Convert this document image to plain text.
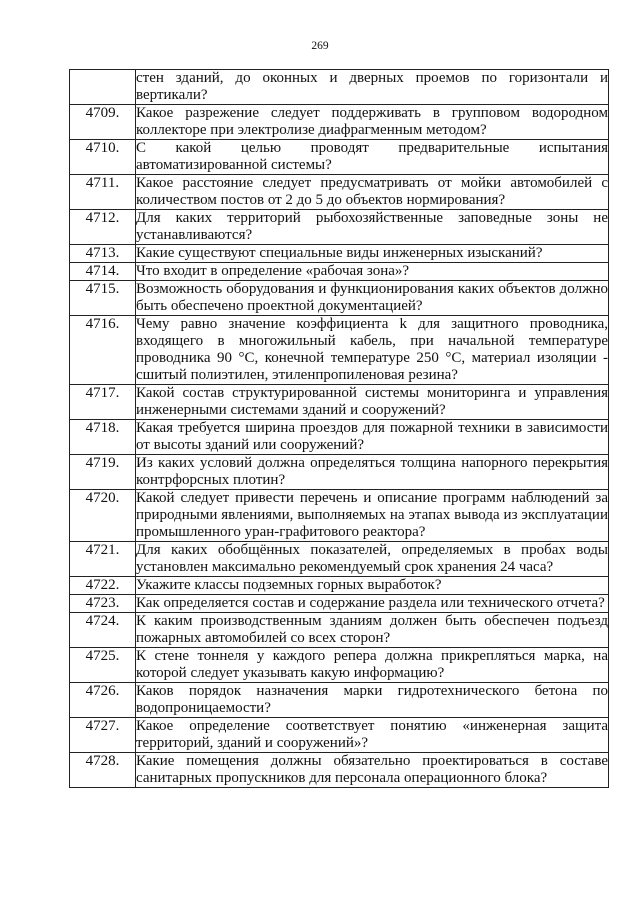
269
	стен зданий, до оконных и дверных проемов по горизонтали и вертикали?
4709.	Какое разрежение следует поддерживать в групповом водородном коллекторе при электролизе диафрагменным методом?
4710.	С какой целью проводят предварительные испытания автоматизированной системы?
4711.	Какое расстояние следует предусматривать от мойки автомобилей с количеством постов от 2 до 5 до объектов нормирования?
4712.	Для каких территорий рыбохозяйственные заповедные зоны не устанавливаются?
4713.	Какие существуют специальные виды инженерных изысканий?
4714.	Что входит в определение «рабочая зона»?
4715.	Возможность оборудования и функционирования каких объектов должно быть обеспечено проектной документацией?
4716.	Чему равно значение коэффициента k для защитного проводника, входящего в многожильный кабель, при начальной температуре проводника 90 °C, конечной температуре 250 °C, материал изоляции - сшитый полиэтилен, этиленпропиленовая резина?
4717.	Какой состав структурированной системы мониторинга и управления инженерными системами зданий и сооружений?
4718.	Какая требуется ширина проездов для пожарной техники в зависимости от высоты зданий или сооружений?
4719.	Из каких условий должна определяться толщина напорного перекрытия контрфорсных плотин?
4720.	Какой следует привести перечень и описание программ наблюдений за природными явлениями, выполняемых на этапах вывода из эксплуатации промышленного уран-графитового реактора?
4721.	Для каких обобщённых показателей, определяемых в пробах воды установлен максимально рекомендуемый срок хранения 24 часа?
4722.	Укажите классы подземных горных выработок?
4723.	Как определяется состав и содержание раздела или технического отчета?
4724.	К каким производственным зданиям должен быть обеспечен подъезд пожарных автомобилей со всех сторон?
4725.	К стене тоннеля у каждого репера должна прикрепляться марка, на которой следует указывать какую информацию?
4726.	Каков порядок назначения марки гидротехнического бетона по водопроницаемости?
4727.	Какое определение соответствует понятию «инженерная защита территорий, зданий и сооружений»?
4728.	Какие помещения должны обязательно проектироваться в составе санитарных пропускников для персонала операционного блока?
